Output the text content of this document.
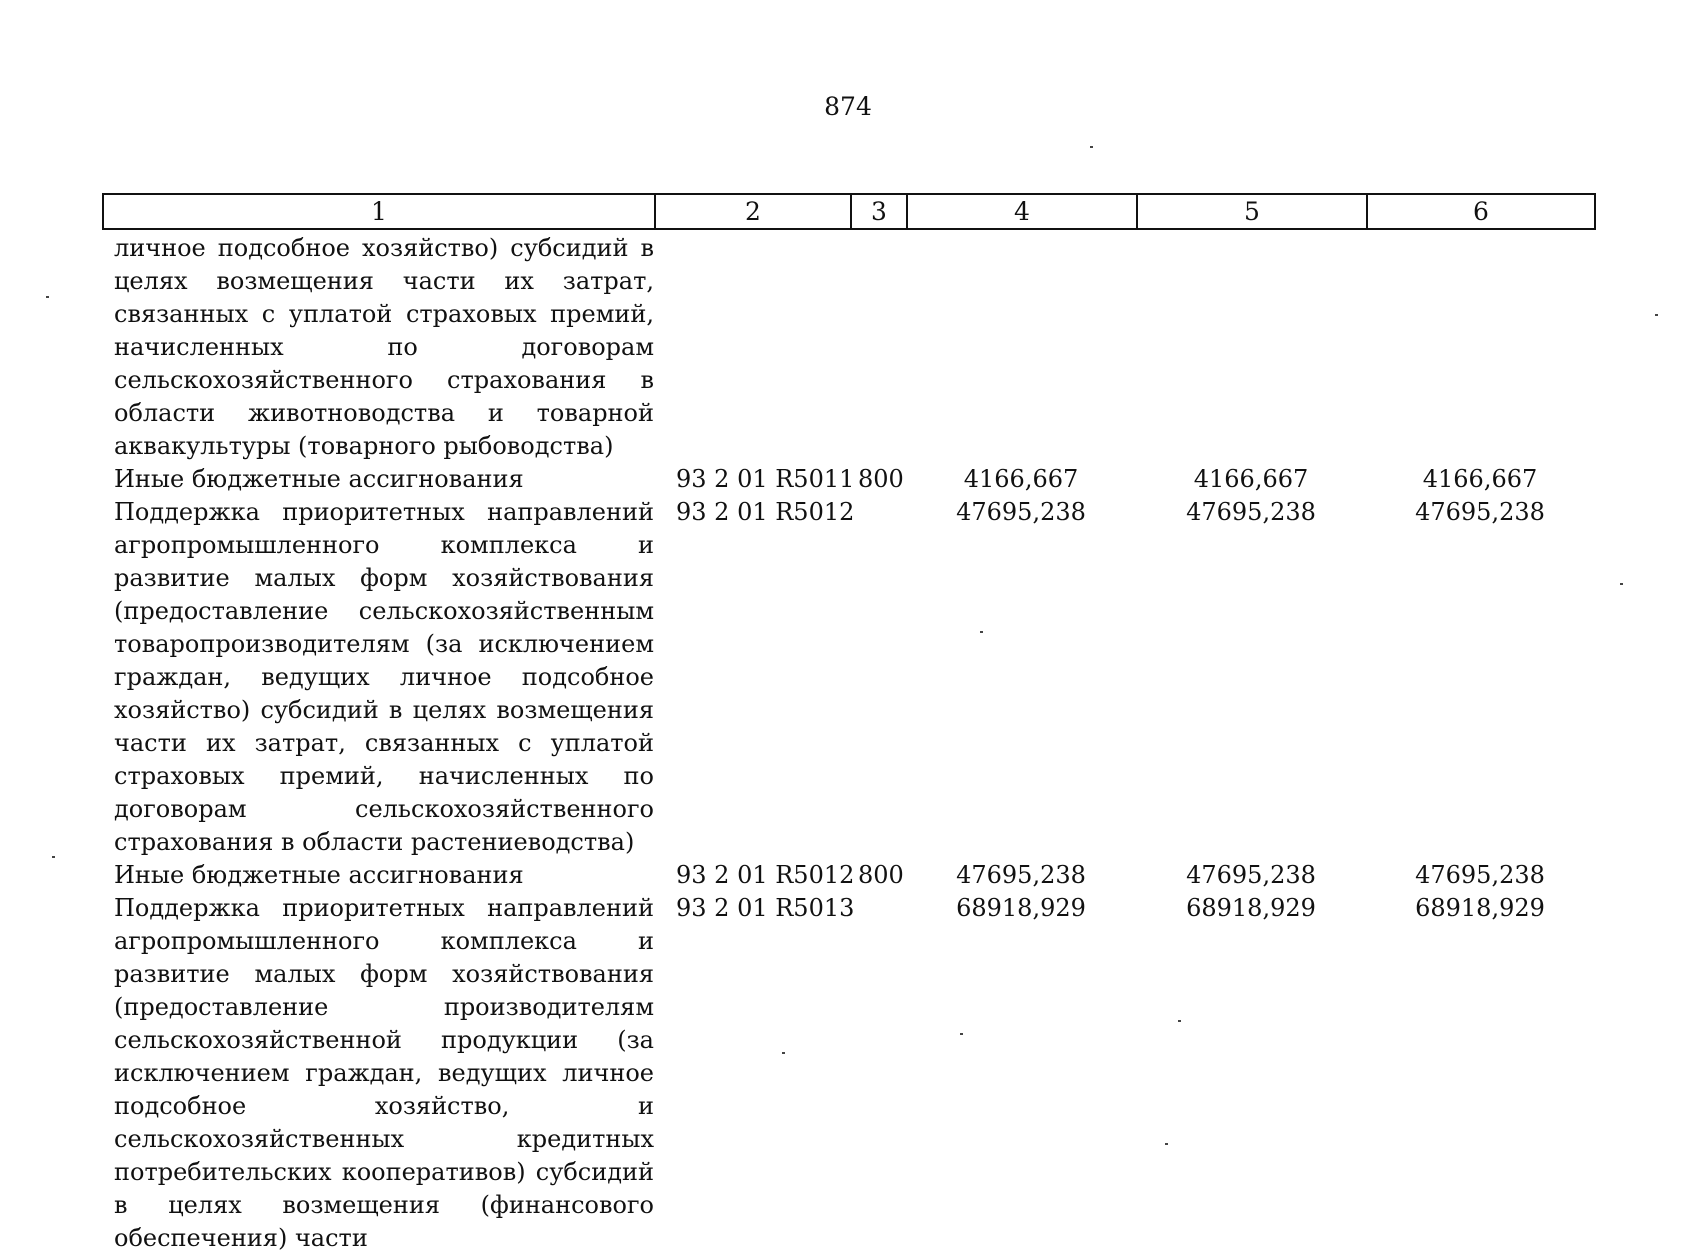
874
1	2	3	4	5	6
личное подсобное хозяйство) субсидий в целях возмещения части их затрат, связанных с уплатой страховых премий, начисленных по договорам сельскохозяйственного страхования в области животноводства и товарной аквакультуры (товарного рыбоводства)
Иные бюджетные ассигнования	93 2 01 R5011 800	4166,667	4166,667	4166,667
Поддержка приоритетных направлений агропромышленного комплекса и развитие малых форм хозяйствования (предоставление сельскохозяйственным товаропроизводителям (за исключением граждан, ведущих личное подсобное хозяйство) субсидий в целях возмещения части их затрат, связанных с уплатой страховых премий, начисленных по договорам сельскохозяйственного страхования в области растениеводства)
93 2 01 R5012	47695,238	47695,238	47695,238
Иные бюджетные ассигнования	93 2 01 R5012 800	47695,238	47695,238	47695,238
Поддержка приоритетных направлений агропромышленного комплекса и развитие малых форм хозяйствования (предоставление производителям сельскохозяйственной продукции (за исключением граждан, ведущих личное подсобное хозяйство, и сельскохозяйственных кредитных потребительских кооперативов) субсидий в целях возмещения (финансового обеспечения) части
93 2 01 R5013	68918,929	68918,929	68918,929
